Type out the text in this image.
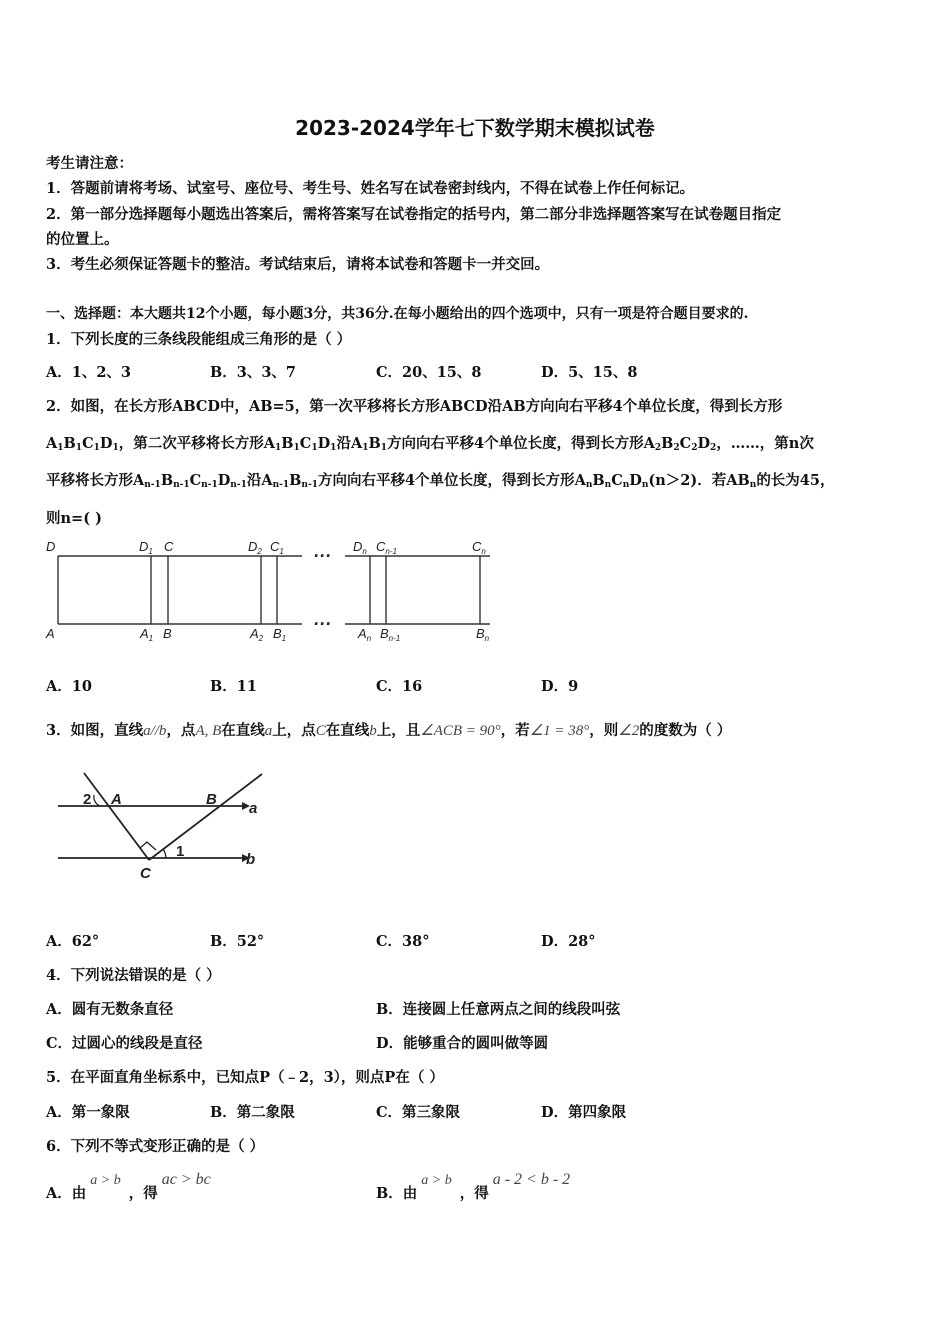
2023-2024学年七下数学期末模拟试卷
考生请注意：
1．答题前请将考场、试室号、座位号、考生号、姓名写在试卷密封线内，不得在试卷上作任何标记。
2．第一部分选择题每小题选出答案后，需将答案写在试卷指定的括号内，第二部分非选择题答案写在试卷题目指定
的位置上。
3．考生必须保证答题卡的整洁。考试结束后，请将本试卷和答题卡一并交回。
一、选择题：本大题共12个小题，每小题3分，共36分.在每小题给出的四个选项中，只有一项是符合题目要求的.
1．下列长度的三条线段能组成三角形的是（ ）
A．1、2、3	B．3、3、7	C．20、15、8	D．5、15、8
2．如图，在长方形ABCD中，AB=5，第一次平移将长方形ABCD沿AB方向向右平移4个单位长度，得到长方形
$A_1B_1C_1D_1$，第二次平移将长方形$A_1B_1C_1D_1$沿$A_1B_1$方向向右平移4个单位长度，得到长方形$A_2B_2C_2D_2$，……，第n次
平移将长方形$A_{n-1}B_{n-1}C_{n-1}D_{n-1}$沿$A_{n-1}B_{n-1}$方向向右平移4个单位长度，得到长方形$A_nB_nC_nD_n(n>2)$．若$AB_n$的长为45，
则n=( )
D	$D_1$ C	$D_2$ $C_1$	$D_n$ $C_{n-1}$	$C_n$
A	$A_1$ B	$A_2$ $B_1$	$A_n$ $B_{n-1}$	$B_n$
···
···
A．10	B．11	C．16	D．9
3．如图，直线a//b，点A, B在直线a上，点C在直线b上，且∠ACB = 90°，若∠1 = 38°，则∠2的度数为（ ）
2 A	B
a
1	b
C
A．62°	B．52°	C．38°	D．28°
4．下列说法错误的是（ ）
A．圆有无数条直径	B．连接圆上任意两点之间的线段叫弦
C．过圆心的线段是直径	D．能够重合的圆叫做等圆
5．在平面直角坐标系中，已知点P（﹣2，3），则点P在（ ）
A．第一象限	B．第二象限	C．第三象限	D．第四象限
6．下列不等式变形正确的是（ ）
A．由a > b，得ac > bc
B．由a > b，得a - 2 < b - 2
